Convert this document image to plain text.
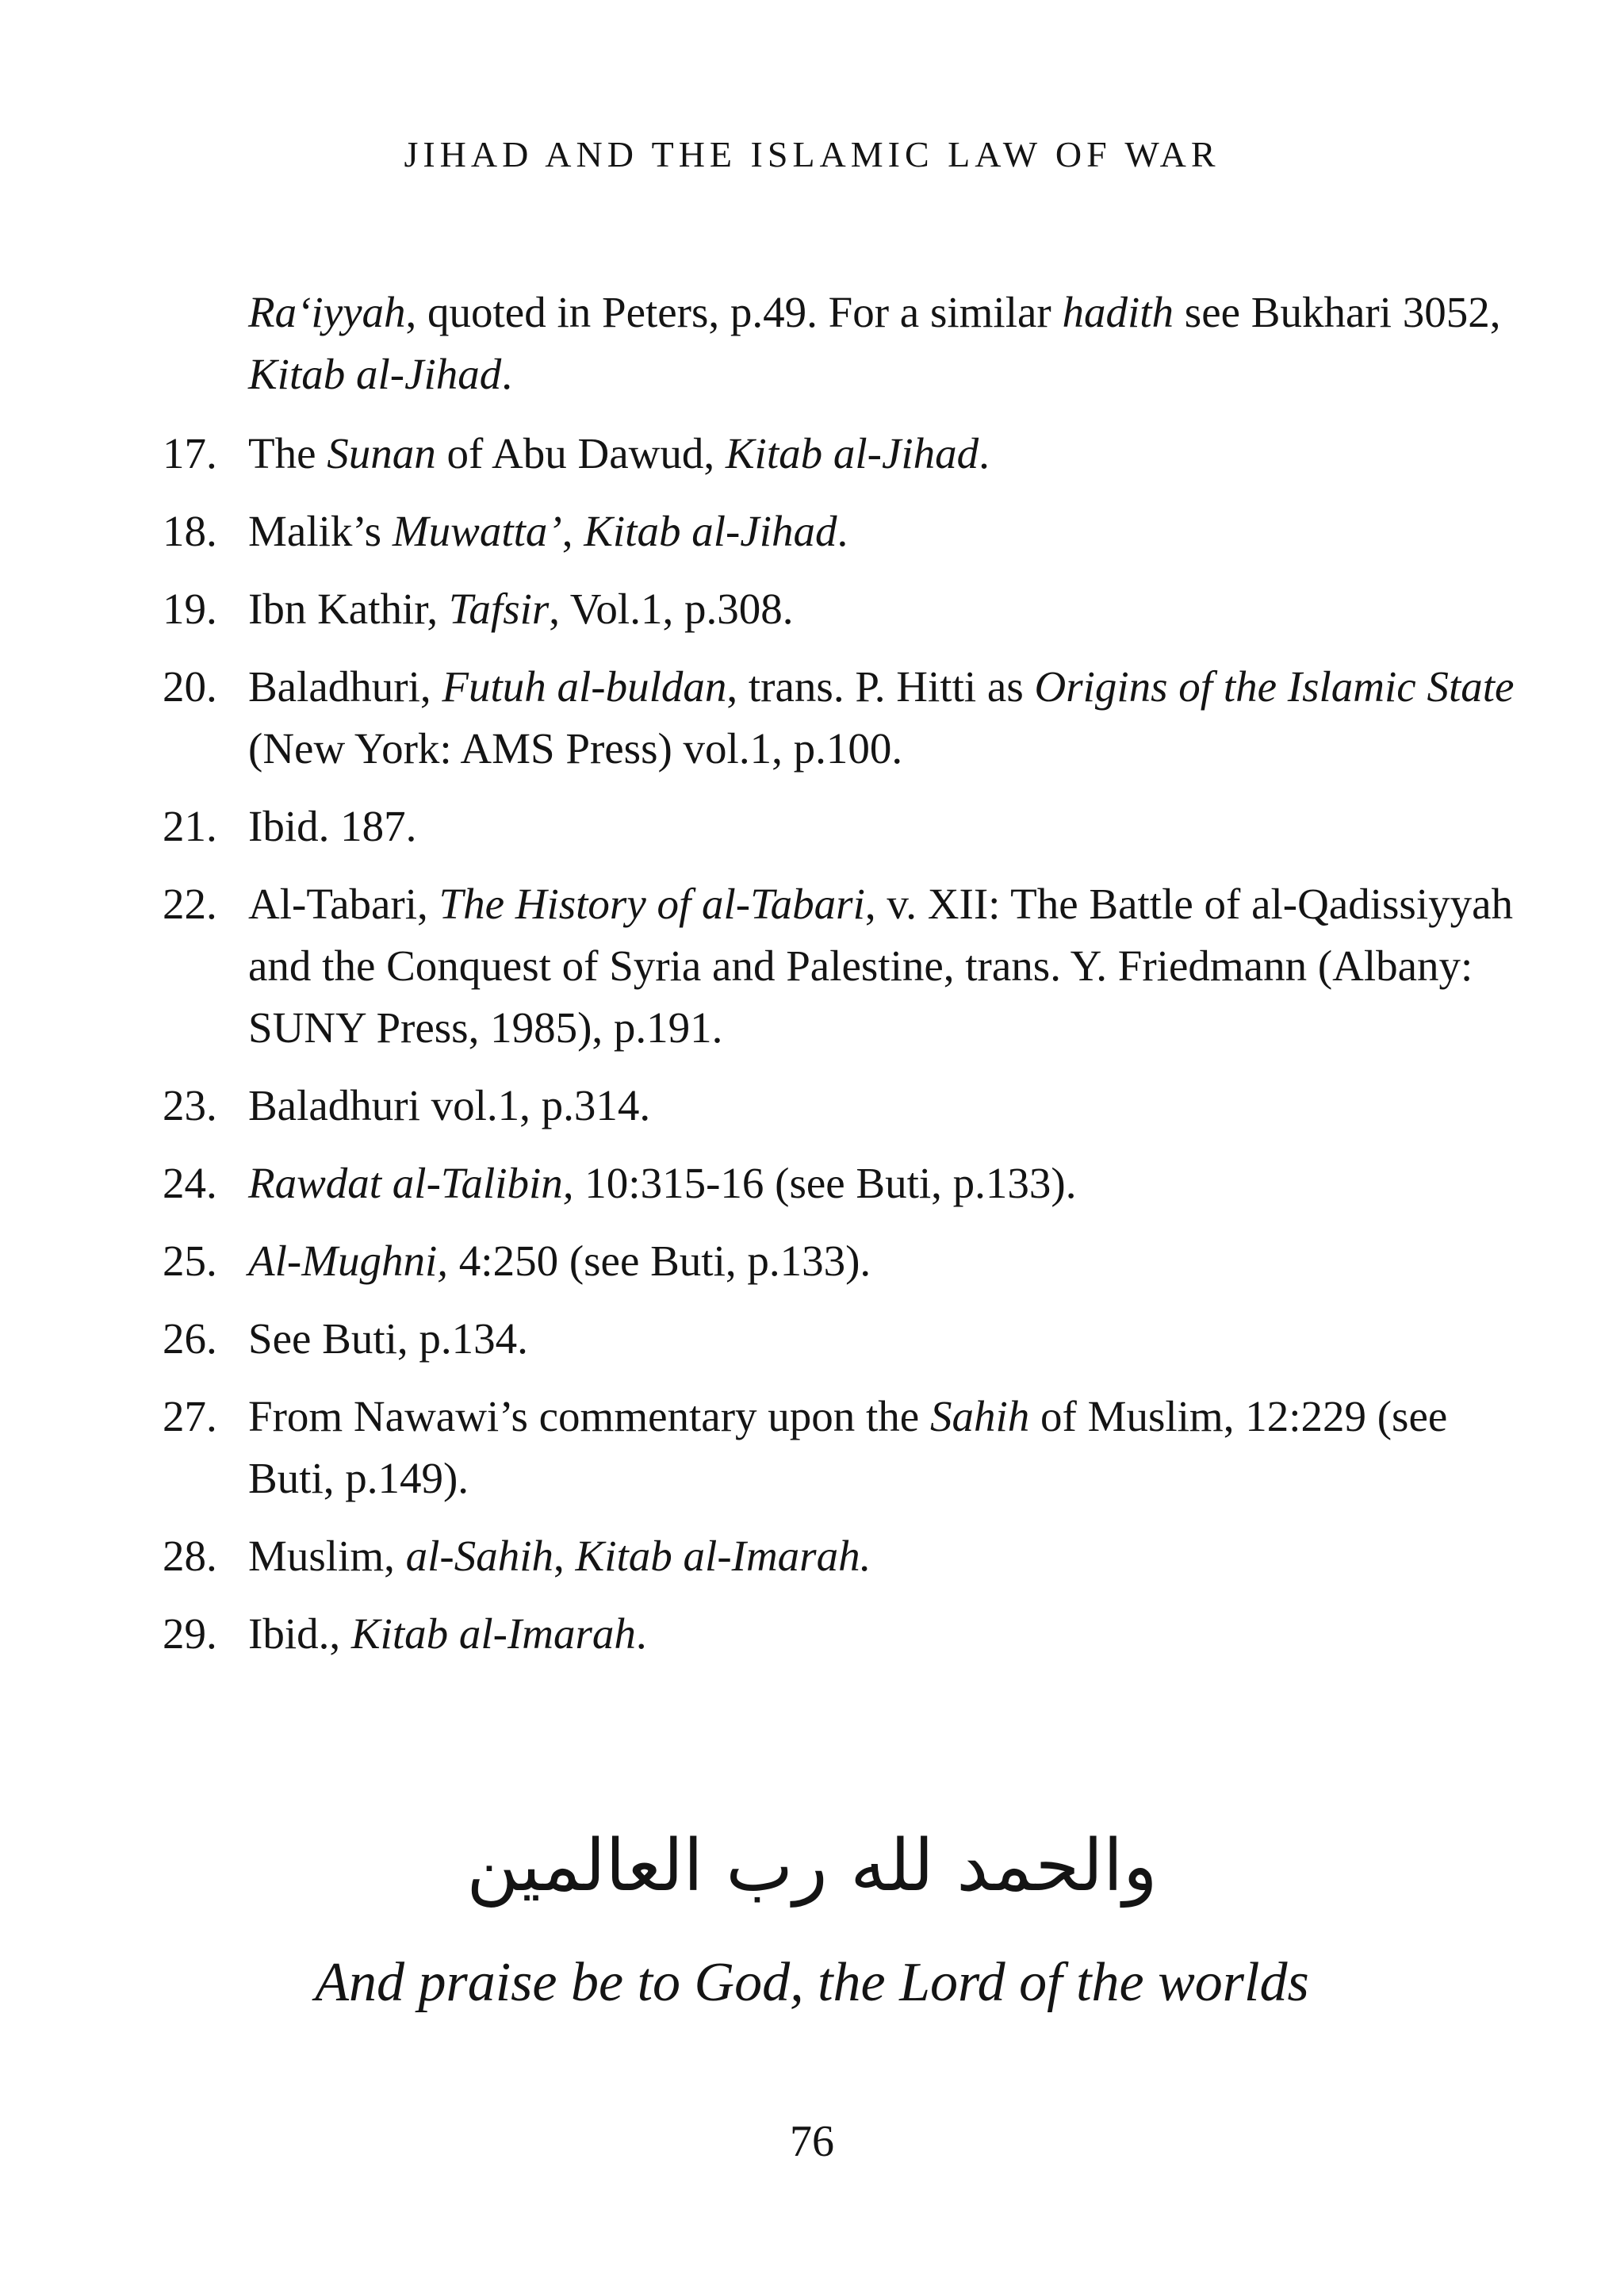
JIHAD AND THE ISLAMIC LAW OF WAR
Ra‘iyyah, quoted in Peters, p.49. For a similar hadith see Bukhari 3052, Kitab al-Jihad.
17. The Sunan of Abu Dawud, Kitab al-Jihad.
18. Malik’s Muwatta’, Kitab al-Jihad.
19. Ibn Kathir, Tafsir, Vol.1, p.308.
20. Baladhuri, Futuh al-buldan, trans. P. Hitti as Origins of the Islamic State (New York: AMS Press) vol.1, p.100.
21. Ibid. 187.
22. Al-Tabari, The History of al-Tabari, v. XII: The Battle of al-Qadissiyyah and the Conquest of Syria and Palestine, trans. Y. Friedmann (Albany: SUNY Press, 1985), p.191.
23. Baladhuri vol.1, p.314.
24. Rawdat al-Talibin, 10:315-16 (see Buti, p.133).
25. Al-Mughni, 4:250 (see Buti, p.133).
26. See Buti, p.134.
27. From Nawawi’s commentary upon the Sahih of Muslim, 12:229 (see Buti, p.149).
28. Muslim, al-Sahih, Kitab al-Imarah.
29. Ibid., Kitab al-Imarah.
والحمد لله رب العالمين
And praise be to God, the Lord of the worlds
76
